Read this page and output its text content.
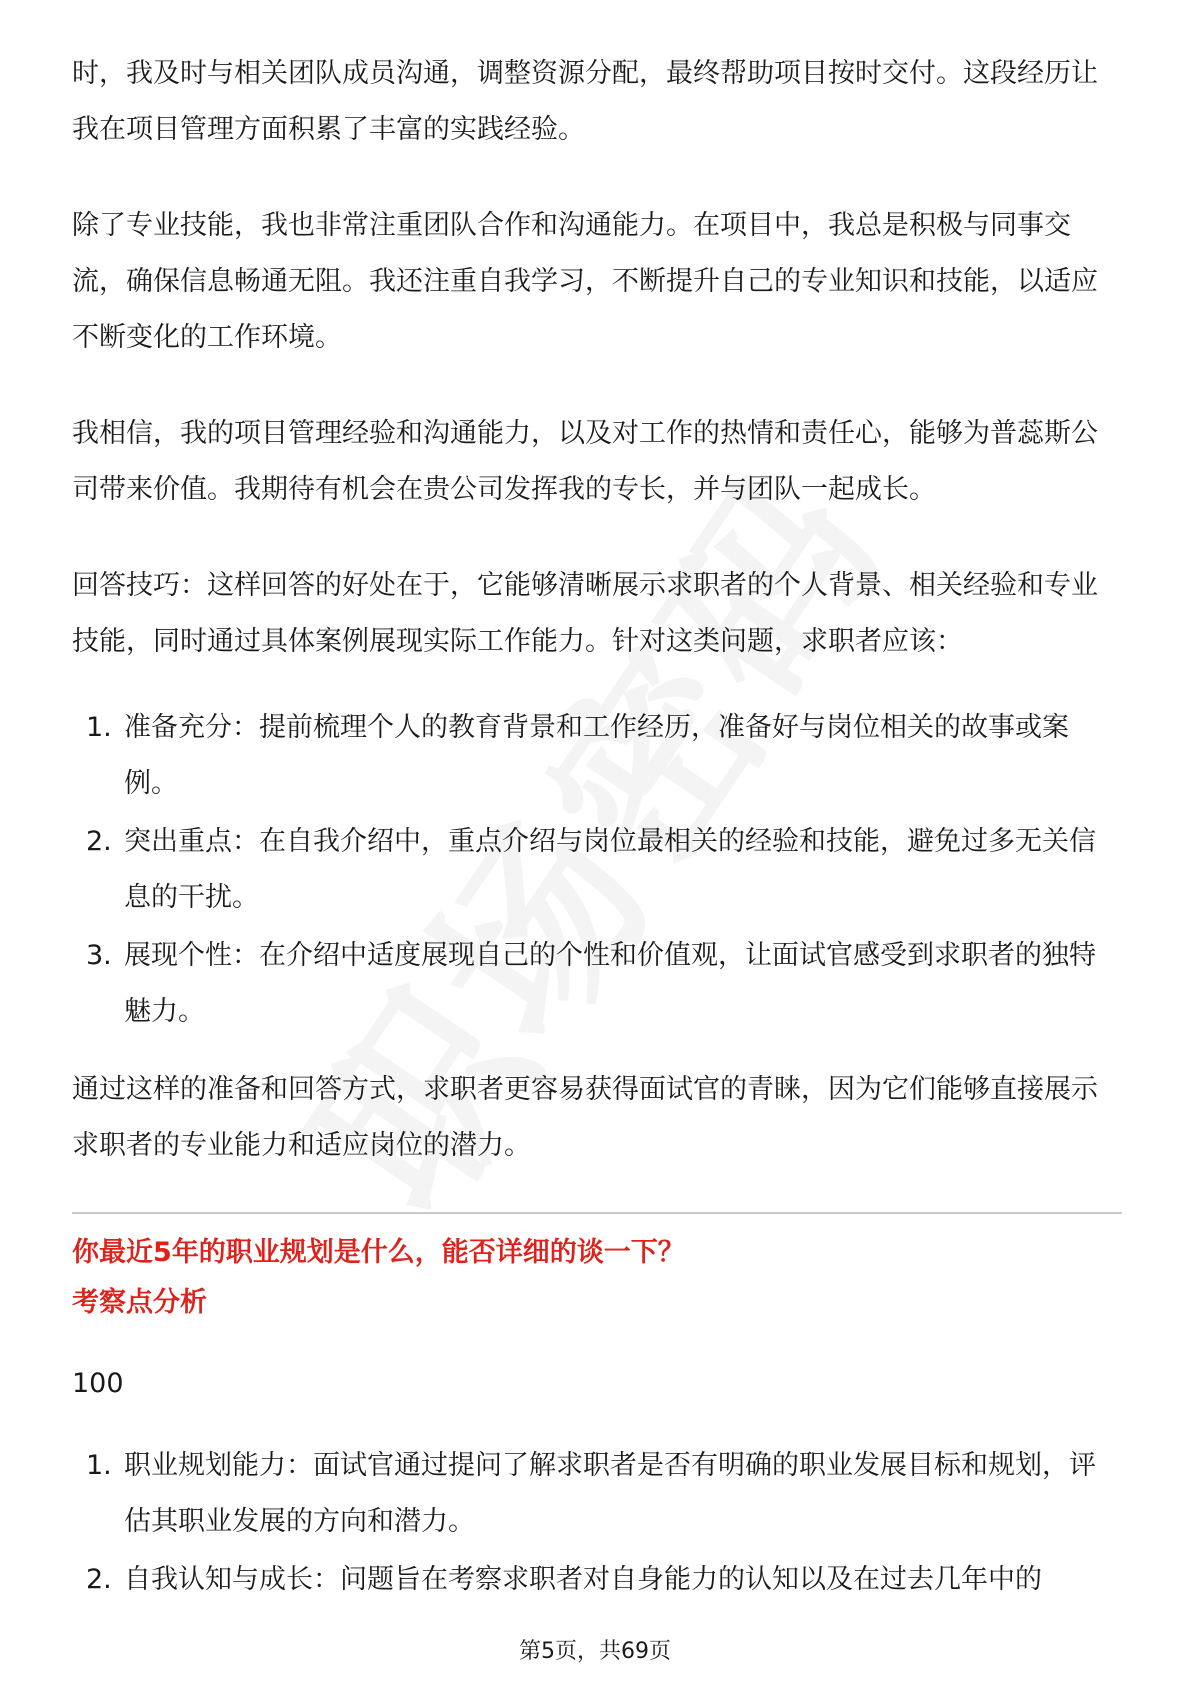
时，我及时与相关团队成员沟通，调整资源分配，最终帮助项目按时交付。这段经历让我在项目管理方面积累了丰富的实践经验。

除了专业技能，我也非常注重团队合作和沟通能力。在项目中，我总是积极与同事交流，确保信息畅通无阻。我还注重自我学习，不断提升自己的专业知识和技能，以适应不断变化的工作环境。

我相信，我的项目管理经验和沟通能力，以及对工作的热情和责任心，能够为普蕊斯公司带来价值。我期待有机会在贵公司发挥我的专长，并与团队一起成长。

回答技巧：这样回答的好处在于，它能够清晰展示求职者的个人背景、相关经验和专业技能，同时通过具体案例展现实际工作能力。针对这类问题，求职者应该：

1. 准备充分：提前梳理个人的教育背景和工作经历，准备好与岗位相关的故事或案例。
2. 突出重点：在自我介绍中，重点介绍与岗位最相关的经验和技能，避免过多无关信息的干扰。
3. 展现个性：在介绍中适度展现自己的个性和价值观，让面试官感受到求职者的独特魅力。

通过这样的准备和回答方式，求职者更容易获得面试官的青睐，因为它们能够直接展示求职者的专业能力和适应岗位的潜力。

你最近5年的职业规划是什么，能否详细的谈一下？

考察点分析

100

1. 职业规划能力：面试官通过提问了解求职者是否有明确的职业发展目标和规划，评估其职业发展的方向和潜力。
2. 自我认知与成长：问题旨在考察求职者对自身能力的认知以及在过去几年中的
第5页，共69页
